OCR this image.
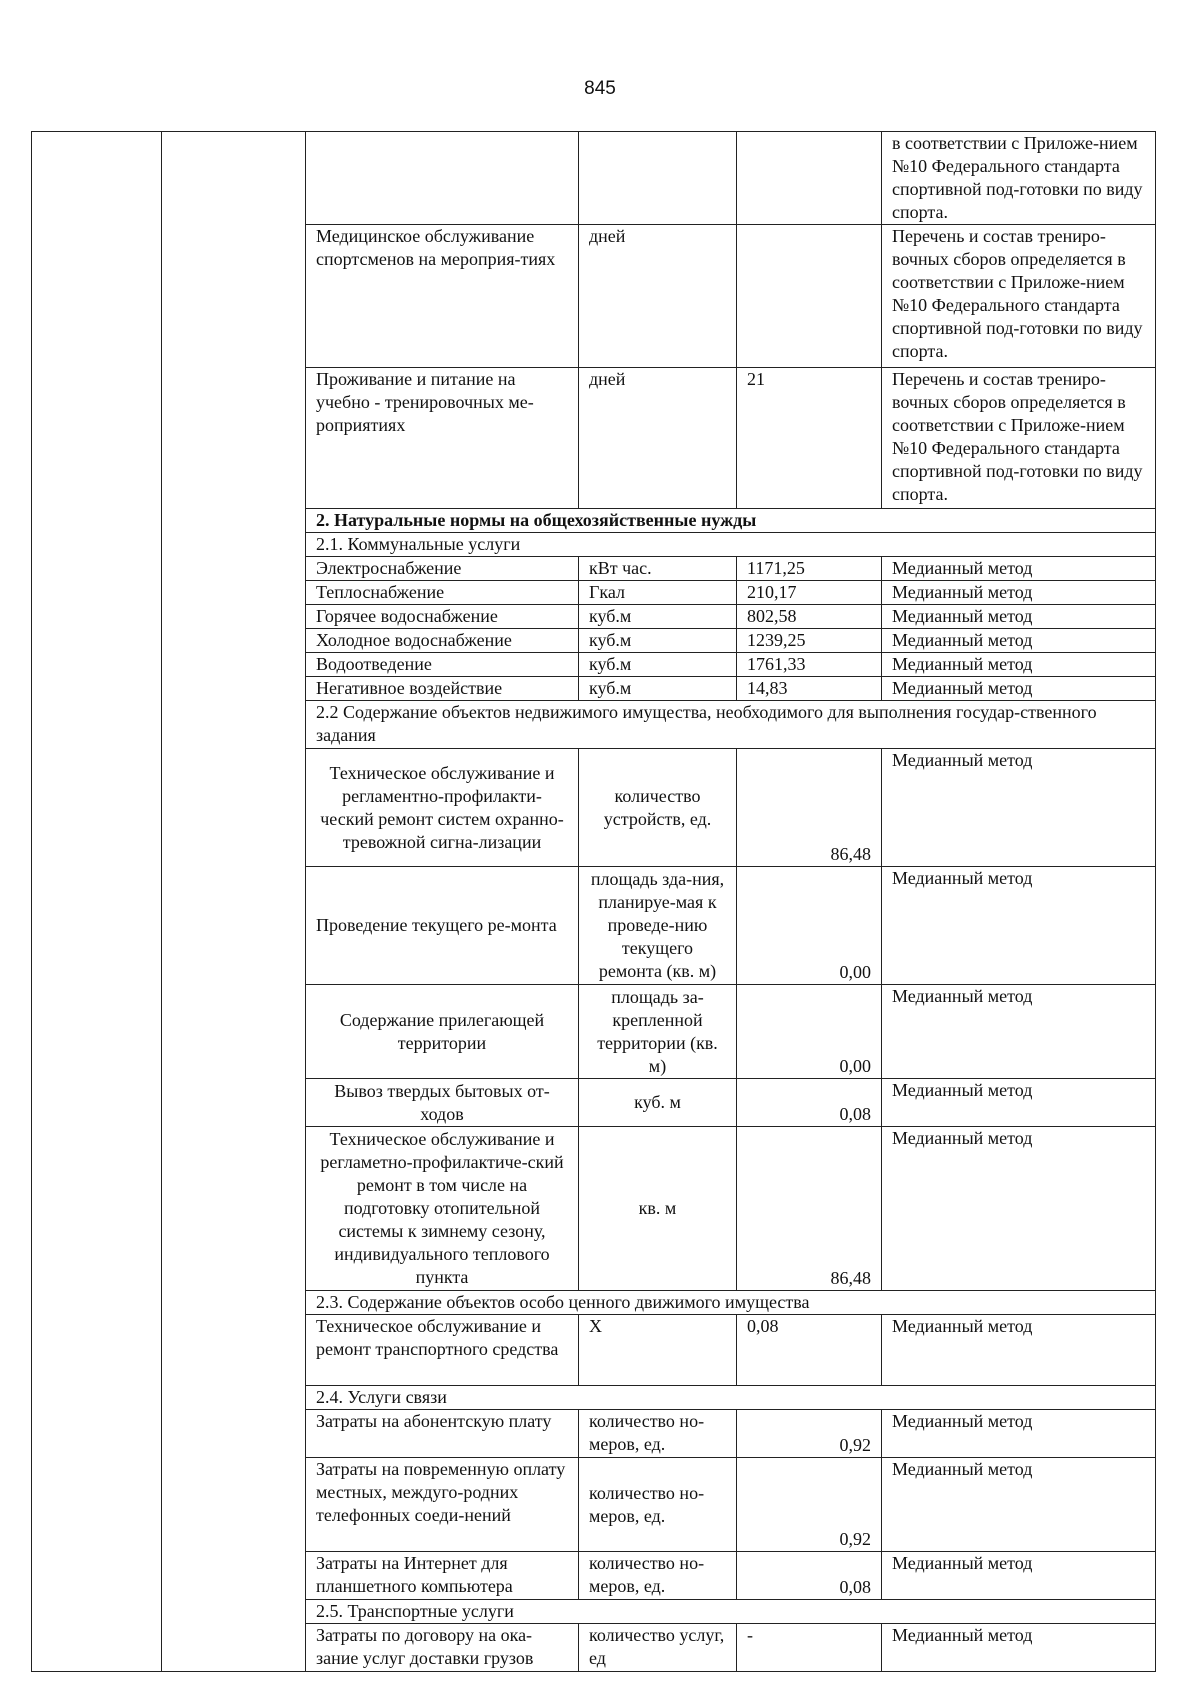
845
					в соответствии с Приложе-нием №10 Федерального стандарта спортивной под-готовки по виду спорта.
		Медицинское обслуживание спортсменов на мероприя-тиях	дней		Перечень и состав трениро-вочных сборов определяется в соответствии с Приложе-нием №10 Федерального стандарта спортивной под-готовки по виду спорта.
		Проживание и питание на учебно - тренировочных ме-роприятиях	дней	21	Перечень и состав трениро-вочных сборов определяется в соответствии с Приложе-нием №10 Федерального стандарта спортивной под-готовки по виду спорта.
		2. Натуральные нормы на общехозяйственные нужды			
		2.1. Коммунальные услуги			
		Электроснабжение	кВт час.	1171,25	Медианный метод
		Теплоснабжение	Гкал	210,17	Медианный метод
		Горячее водоснабжение	куб.м	802,58	Медианный метод
		Холодное водоснабжение	куб.м	1239,25	Медианный метод
		Водоотведение	куб.м	1761,33	Медианный метод
		Негативное воздействие	куб.м	14,83	Медианный метод
		2.2 Содержание объектов недвижимого имущества, необходимого для выполнения государ-ственного задания			
		Техническое обслуживание и регламентно-профилакти-ческий ремонт систем охранно-тревожной сигна-лизации	количество устройств, ед.	86,48	Медианный метод
		Проведение текущего ре-монта	площадь зда-ния, планируе-мая к проведе-нию текущего ремонта (кв. м)	0,00	Медианный метод
		Содержание прилегающей территории	площадь за-крепленной территории (кв. м)	0,00	Медианный метод
		Вывоз твердых бытовых от-ходов	куб. м	0,08	Медианный метод
		Техническое обслуживание и регламетно-профилактиче-ский ремонт в том числе на подготовку отопительной системы к зимнему сезону, индивидуального теплового пункта	кв. м	86,48	Медианный метод
		2.3. Содержание объектов особо ценного движимого имущества			
		Техническое обслуживание и ремонт транспортного средства	Х	0,08	Медианный метод
		2.4. Услуги связи			
		Затраты на абонентскую плату	количество но-меров, ед.	0,92	Медианный метод
		Затраты на повременную оплату местных, междуго-родних телефонных соеди-нений	количество но-меров, ед.	0,92	Медианный метод
		Затраты на Интернет для планшетного компьютера	количество но-меров, ед.	0,08	Медианный метод
		2.5. Транспортные услуги			
		Затраты по договору на ока-зание услуг доставки грузов	количество услуг, ед	-	Медианный метод
